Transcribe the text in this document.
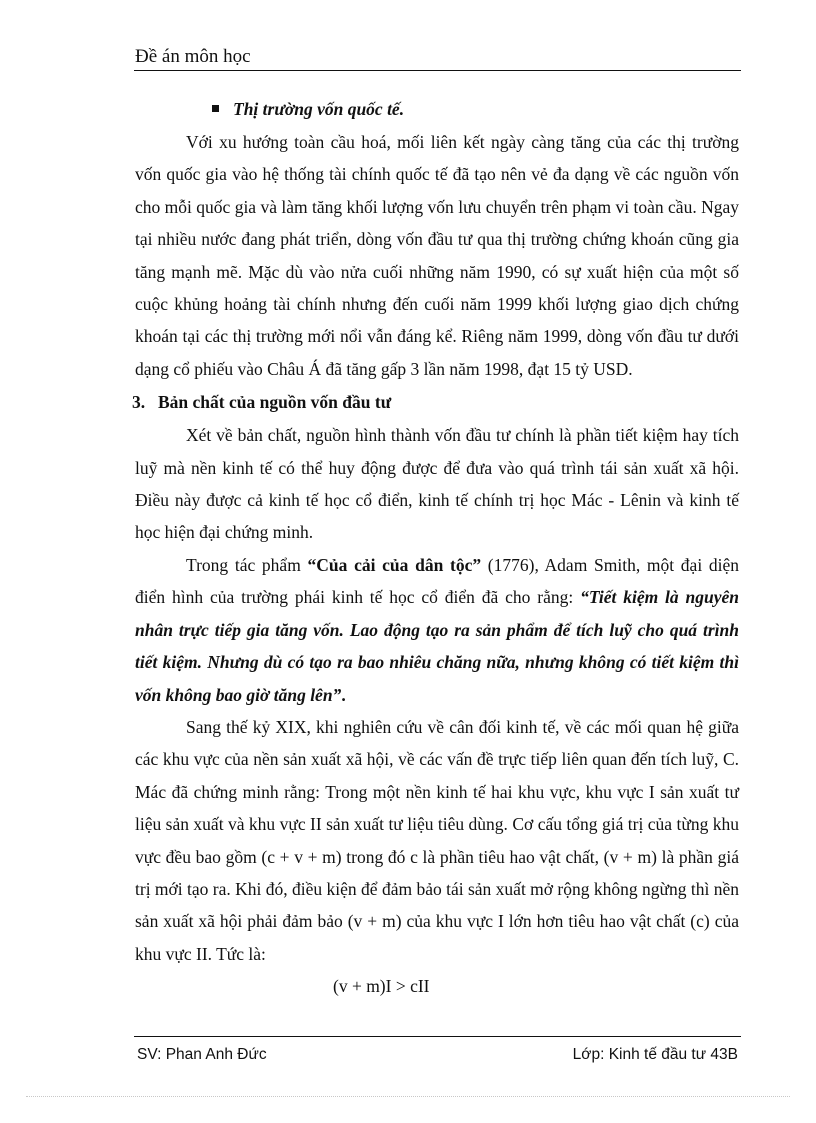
Đề án môn học

Thị trường vốn quốc tế.

Với xu hướng toàn cầu hoá, mối liên kết ngày càng tăng của các thị trường vốn quốc gia vào hệ thống tài chính quốc tế đã tạo nên vẻ đa dạng về các nguồn vốn cho mỗi quốc gia và làm tăng khối lượng vốn lưu chuyển trên phạm vi toàn cầu. Ngay tại nhiều nước đang phát triển, dòng vốn đầu tư qua thị trường chứng khoán cũng gia tăng mạnh mẽ. Mặc dù vào nửa cuối những năm 1990, có sự xuất hiện của một số cuộc khủng hoảng tài chính nhưng đến cuối năm 1999 khối lượng giao dịch chứng khoán tại các thị trường mới nổi vẫn đáng kể. Riêng năm 1999, dòng vốn đầu tư dưới dạng cổ phiếu vào Châu Á đã tăng gấp 3 lần năm 1998, đạt 15 tỷ USD.

3. Bản chất của nguồn vốn đầu tư

Xét về bản chất, nguồn hình thành vốn đầu tư chính là phần tiết kiệm hay tích luỹ mà nền kinh tế có thể huy động được để đưa vào quá trình tái sản xuất xã hội. Điều này được cả kinh tế học cổ điển, kinh tế chính trị học Mác - Lênin và kinh tế học hiện đại chứng minh.

Trong tác phẩm “Của cải của dân tộc” (1776), Adam Smith, một đại diện điển hình của trường phái kinh tế học cổ điển đã cho rằng: “Tiết kiệm là nguyên nhân trực tiếp gia tăng vốn. Lao động tạo ra sản phẩm để tích luỹ cho quá trình tiết kiệm. Nhưng dù có tạo ra bao nhiêu chăng nữa, nhưng không có tiết kiệm thì vốn không bao giờ tăng lên”.

Sang thế kỷ XIX, khi nghiên cứu về cân đối kinh tế, về các mối quan hệ giữa các khu vực của nền sản xuất xã hội, về các vấn đề trực tiếp liên quan đến tích luỹ, C. Mác đã chứng minh rằng: Trong một nền kinh tế hai khu vực, khu vực I sản xuất tư liệu sản xuất và khu vực II sản xuất tư liệu tiêu dùng. Cơ cấu tổng giá trị của từng khu vực đều bao gồm (c + v + m) trong đó c là phần tiêu hao vật chất, (v + m) là phần giá trị mới tạo ra. Khi đó, điều kiện để đảm bảo tái sản xuất mở rộng không ngừng thì nền sản xuất xã hội phải đảm bảo (v + m) của khu vực I lớn hơn tiêu hao vật chất (c) của khu vực II. Tức là:

(v + m)I > cII

SV: Phan Anh Đức	Lớp: Kinh tế đầu tư 43B
